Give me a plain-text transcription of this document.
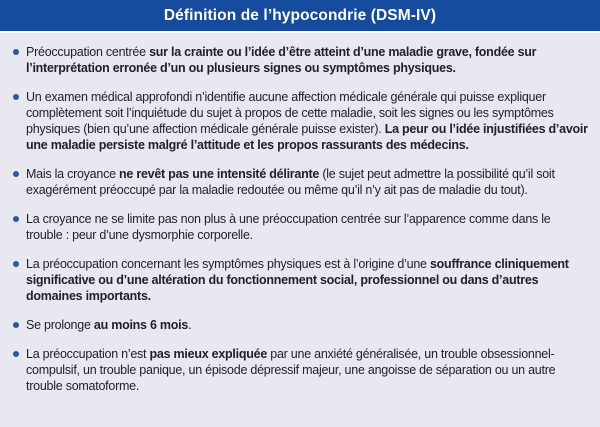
Définition de l’hypocondrie (DSM-IV)
Préoccupation centrée sur la crainte ou l’idée d’être atteint d’une maladie grave, fondée sur l’interprétation erronée d’un ou plusieurs signes ou symptômes physiques.
Un examen médical approfondi n’identifie aucune affection médicale générale qui puisse expliquer complètement soit l’inquiétude du sujet à propos de cette maladie, soit les signes ou les symptômes physiques (bien qu’une affection médicale générale puisse exister). La peur ou l’idée injustifiées d’avoir une maladie persiste malgré l’attitude et les propos rassurants des médecins.
Mais la croyance ne revêt pas une intensité délirante (le sujet peut admettre la possibilité qu’il soit exagérément préoccupé par la maladie redoutée ou même qu’il n’y ait pas de maladie du tout).
La croyance ne se limite pas non plus à une préoccupation centrée sur l’apparence comme dans le trouble : peur d’une dysmorphie corporelle.
La préoccupation concernant les symptômes physiques est à l’origine d’une souffrance cliniquement significative ou d’une altération du fonctionnement social, professionnel ou dans d’autres domaines importants.
Se prolonge au moins 6 mois.
La préoccupation n’est pas mieux expliquée par une anxiété généralisée, un trouble obsessionnel-compulsif, un trouble panique, un épisode dépressif majeur, une angoisse de séparation ou un autre trouble somatoforme.
